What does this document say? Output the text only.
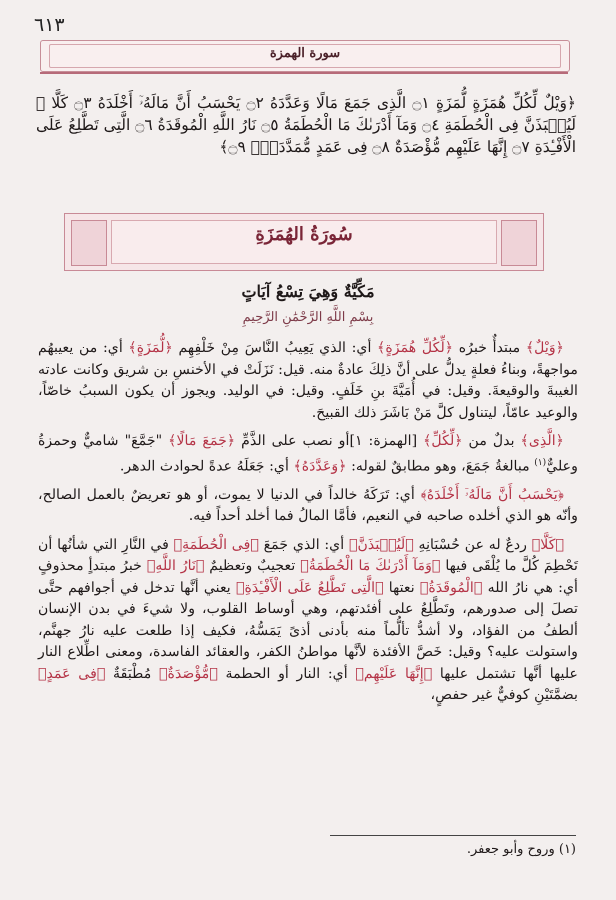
٦١٣
سورة الهمزة
﴿وَيْلٌ لِّكُلِّ هُمَزَةٍ لُّمَزَةٍ ۝١ الَّذِى جَمَعَ مَالًا وَعَدَّدَهُ ۝٢ يَحْسَبُ أَنَّ مَالَهُۥٓ أَخْلَدَهُ ۝٣ كَلَّا ۖ لَيُنۢبَذَنَّ فِى الْحُطَمَةِ ۝٤ وَمَآ أَدْرَىٰكَ مَا الْحُطَمَةُ ۝٥ نَارُ اللَّهِ الْمُوقَدَةُ ۝٦ الَّتِى تَطَّلِعُ عَلَى الْأَفْـِٔدَةِ ۝٧ إِنَّهَا عَلَيْهِم مُّؤْصَدَةٌ ۝٨ فِى عَمَدٍ مُّمَدَّدَةٍۭ ۝٩﴾
سُورَةُ الهُمَزَةِ
مَكِّيَّةٌ وَهِيَ تِسْعُ آيَاتٍ
بِسْمِ اللَّهِ الرَّحْمَٰنِ الرَّحِيمِ

﴿وَيْلٌ﴾ مبتدأٌ خبرُه ﴿لِّكُلِّ هُمَزَةٍ﴾ أي: الذي يَعِيبُ النَّاسَ مِنْ خَلْفِهِم ﴿لُّمَزَةٍ﴾ أي: من يعيبهُم مواجهةً، وبناءُ فعلةٍ يدلُّ على أنَّ ذلِكَ عادةٌ منه. قيل: نَزَلَتْ في الأخنسِ بن شريق وكانت عادته الغيبةَ والوقيعةَ. وقيل: في أُمَيَّةَ بنِ خَلَفٍ. وقيل: في الوليد. ويجوز أن يكون السببُ خاصّاً، والوعيد عامّاً، ليتناول كلَّ مَنْ بَاشَرَ ذلك القبيحَ.

﴿الَّذِى﴾ بدلٌ من ﴿لِّكُلِّ﴾ [الهمزة: ١]أو نصب على الذَّمِّ ﴿جَمَعَ مَالًا﴾ "جَمَّعَ" شاميٌّ وحمزةُ وعليٌّ$^{(١)}$ مبالغةُ جَمَعَ، وهو مطابقٌ لقوله: ﴿وَعَدَّدَهُ﴾ أي: جَعَلَهُ عدةً لحوادث الدهر.

﴿يَحْسَبُ أَنَّ مَالَهُۥٓ أَخْلَدَهُ﴾ أي: تَرَكَهُ خالداً في الدنيا لا يموت، أو هو تعريضٌ بالعمل الصالح، وأنّه هو الذي أخلده صاحبه في النعيم، فأمَّا المالُ فما أخلد أحداً فيه.

﴿كَلَّا﴾ ردعٌ له عن حُسْبَانِهِ ﴿لَيُنۢبَذَنَّ﴾ أي: الذي جَمَعَ ﴿فِى الْحُطَمَةِ﴾ في النَّارِ التي شأنُها أن تَحْطِمَ كُلَّ ما يُلْقَى فيها ﴿وَمَآ أَدْرَىٰكَ مَا الْحُطَمَةُ﴾ تعجيبٌ وتعظيمٌ ﴿نَارُ اللَّهِ﴾ خبرُ مبتدأٍ محذوفٍ أي: هي نارُ الله ﴿الْمُوقَدَةُ﴾ نعتها ﴿الَّتِى تَطَّلِعُ عَلَى الْأَفْـِٔدَةِ﴾ يعني أنَّها تدخل في أجوافهم حتَّى تصلَ إلى صدورهم، وتَطَّلِعُ على أفئدتهم، وهي أوساط القلوب، ولا شيءَ في بدن الإنسان ألطفُ من الفؤاد، ولا أشدُّ تألُّماً منه بأدنى أذىً يَمَسُّهُ، فكيف إذا طلعت عليه نارُ جهنَّم، واستولت عليه؟ وقيل: خَصَّ الأفئدة لأنَّها مواطنُ الكفر، والعقائد الفاسدة، ومعنى اطِّلاع النار عليها أنَّها تشتمل عليها ﴿إِنَّهَا عَلَيْهِم﴾ أي: النار أو الحطمة ﴿مُّؤْصَدَةٌ﴾ مُطْبَقَةٌ ﴿فِى عَمَدٍ﴾ بضمَّتَيْنِ كوفيٌّ غير حفصٍ،

(١) وروح وأبو جعفر.
